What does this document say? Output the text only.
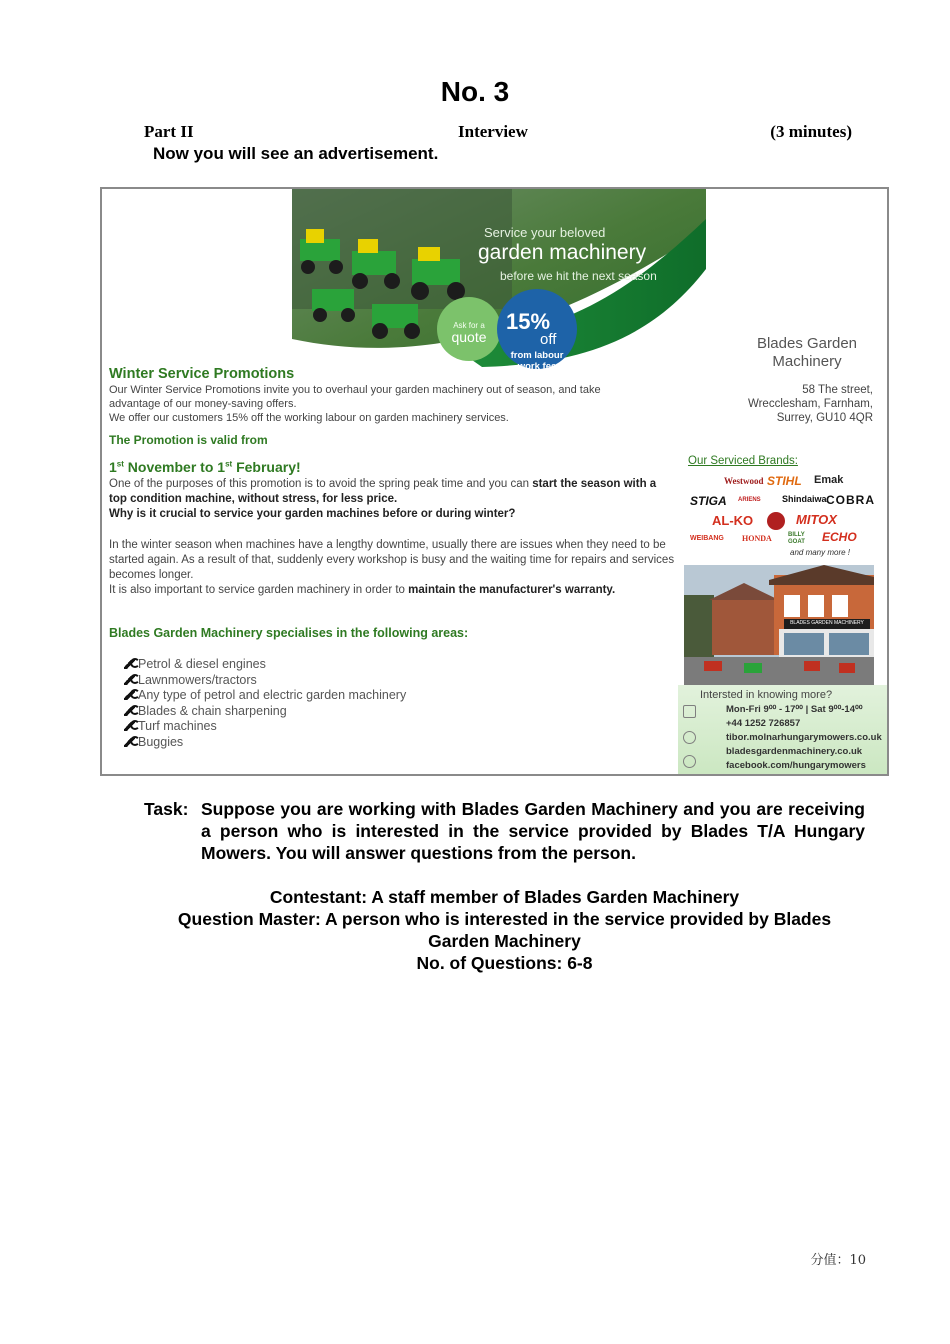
No. 3
Part II	Interview	(3 minutes)
Now you will see an advertisement.
Service your beloved
garden machinery
before we hit the next season
Ask for a
quote
15%
off
from labour
work fee
Winter Service Promotions
Our Winter Service Promotions invite you to overhaul your garden machinery out of season, and take
advantage of our money-saving offers.
We offer our customers 15% off the working labour on garden machinery services.
The Promotion is valid from
1st November to 1st February!
One of the purposes of this promotion is to avoid the spring peak time and you can start the season with a top condition machine, without stress, for less price.
Why is it crucial to service your garden machines before or during winter?
In the winter season when machines have a lengthy downtime, usually there are issues when they need to be started again. As a result of that, suddenly every workshop is busy and the waiting time for repairs and services becomes longer.
It is also important to service garden machinery in order to maintain the manufacturer's warranty.
Blades Garden Machinery specialises in the following areas:
Petrol & diesel engines
Lawnmowers/tractors
Any type of petrol and electric garden machinery
Blades & chain sharpening
Turf machines
Buggies
Blades Garden
Machinery
58 The street,
Wrecclesham, Farnham,
Surrey, GU10 4QR
Our Serviced Brands:
Westwood STIHL Emak
STIGA ARIENS Shindaiwa COBRA
AL-KO	MITOX
WEIBANG HONDA	BILLY GOAT	ECHO
and many more !
BLADES GARDEN MACHINERY
Intersted in knowing more?
Mon-Fri 9⁰⁰ - 17⁰⁰ | Sat 9⁰⁰-14⁰⁰
+44 1252 726857
tibor.molnarhungarymowers.co.uk
bladesgardenmachinery.co.uk
facebook.com/hungarymowers
Task: Suppose you are working with Blades Garden Machinery and you are receiving a person who is interested in the service provided by Blades T/A Hungary Mowers. You will answer questions from the person.
Contestant: A staff member of Blades Garden Machinery
Question Master: A person who is interested in the service provided by Blades
Garden Machinery
No. of Questions: 6-8
分值：10
